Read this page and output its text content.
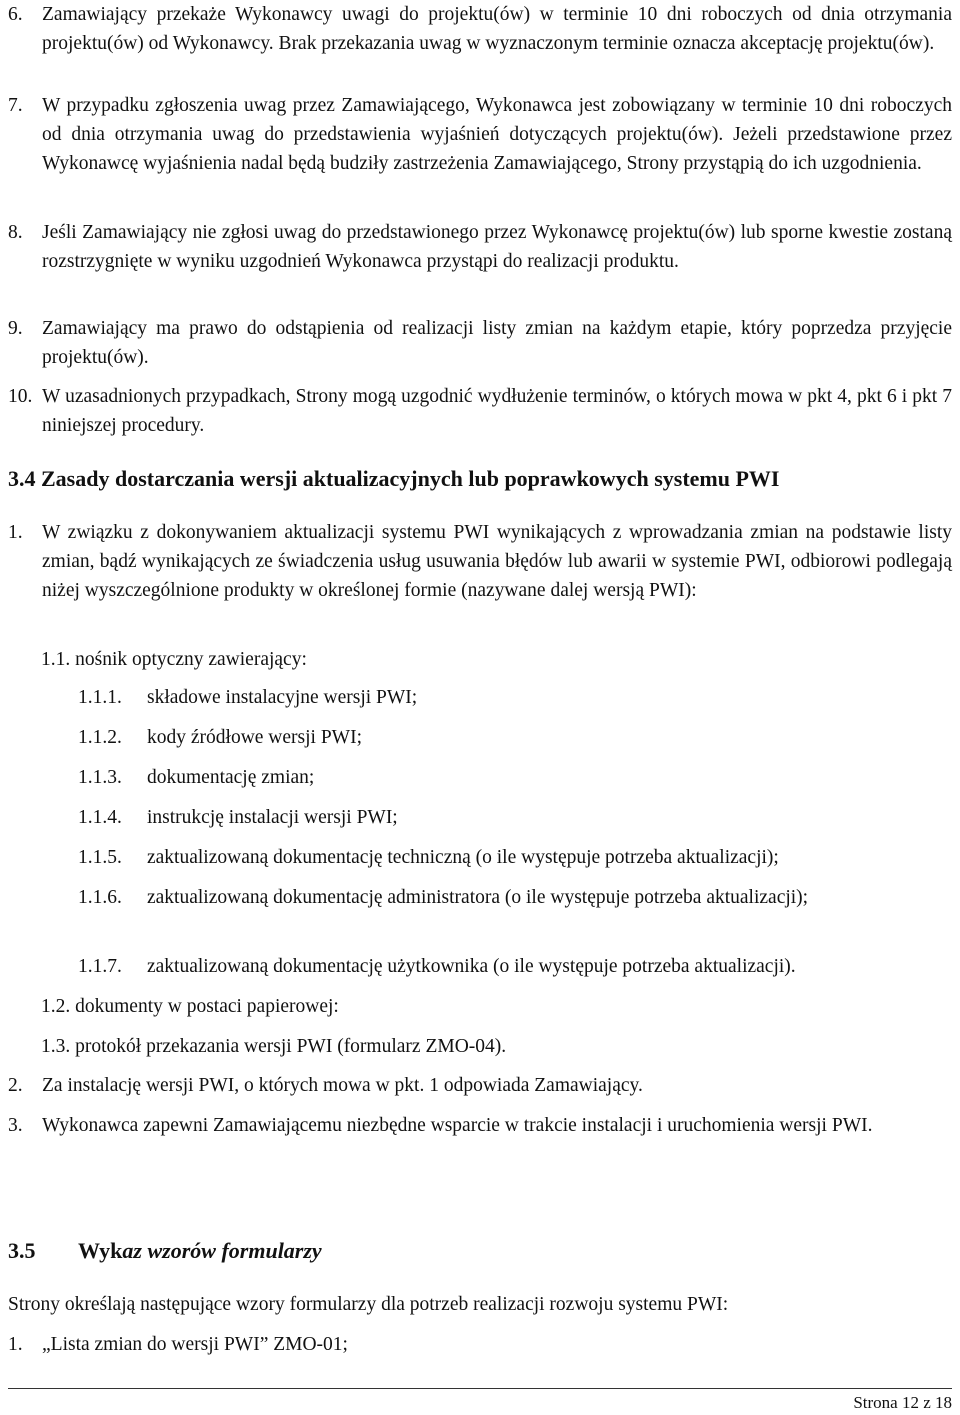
6. Zamawiający przekaże Wykonawcy uwagi do projektu(ów) w terminie 10 dni roboczych od dnia otrzymania projektu(ów) od Wykonawcy. Brak przekazania uwag w wyznaczonym terminie oznacza akceptację projektu(ów).
7. W przypadku zgłoszenia uwag przez Zamawiającego, Wykonawca jest zobowiązany w terminie 10 dni roboczych od dnia otrzymania uwag do przedstawienia wyjaśnień dotyczących projektu(ów). Jeżeli przedstawione przez Wykonawcę wyjaśnienia nadal będą budziły zastrzeżenia Zamawiającego, Strony przystąpią do ich uzgodnienia.
8. Jeśli Zamawiający nie zgłosi uwag do przedstawionego przez Wykonawcę projektu(ów) lub sporne kwestie zostaną rozstrzygnięte w wyniku uzgodnień Wykonawca przystąpi do realizacji produktu.
9. Zamawiający ma prawo do odstąpienia od realizacji listy zmian na każdym etapie, który poprzedza przyjęcie projektu(ów).
10. W uzasadnionych przypadkach, Strony mogą uzgodnić wydłużenie terminów, o których mowa w pkt 4, pkt 6 i pkt 7 niniejszej procedury.
3.4 Zasady dostarczania wersji aktualizacyjnych lub poprawkowych systemu PWI
1. W związku z dokonywaniem aktualizacji systemu PWI wynikających z wprowadzania zmian na podstawie listy zmian, bądź wynikających ze świadczenia usług usuwania błędów lub awarii w systemie PWI, odbiorowi podlegają niżej wyszczególnione produkty w określonej formie (nazywane dalej wersją PWI):
1.1. nośnik optyczny zawierający:
1.1.1.	składowe instalacyjne wersji PWI;
1.1.2.	kody źródłowe wersji PWI;
1.1.3.	dokumentację zmian;
1.1.4.	instrukcję instalacji wersji PWI;
1.1.5.	zaktualizowaną dokumentację techniczną (o ile występuje potrzeba aktualizacji);
1.1.6.	zaktualizowaną dokumentację administratora (o ile występuje potrzeba aktualizacji);
1.1.7.	zaktualizowaną dokumentację użytkownika (o ile występuje potrzeba aktualizacji).
1.2. dokumenty w postaci papierowej:
1.3. protokół przekazania wersji PWI (formularz ZMO-04).
2. Za instalację wersji PWI, o których mowa w pkt. 1 odpowiada Zamawiający.
3. Wykonawca zapewni Zamawiającemu niezbędne wsparcie w trakcie instalacji i uruchomienia wersji PWI.
3.5	Wykaz wzorów formularzy
Strony określają następujące wzory formularzy dla potrzeb realizacji rozwoju systemu PWI:
1. „Lista zmian do wersji PWI” ZMO-01;
Strona 12 z 18
